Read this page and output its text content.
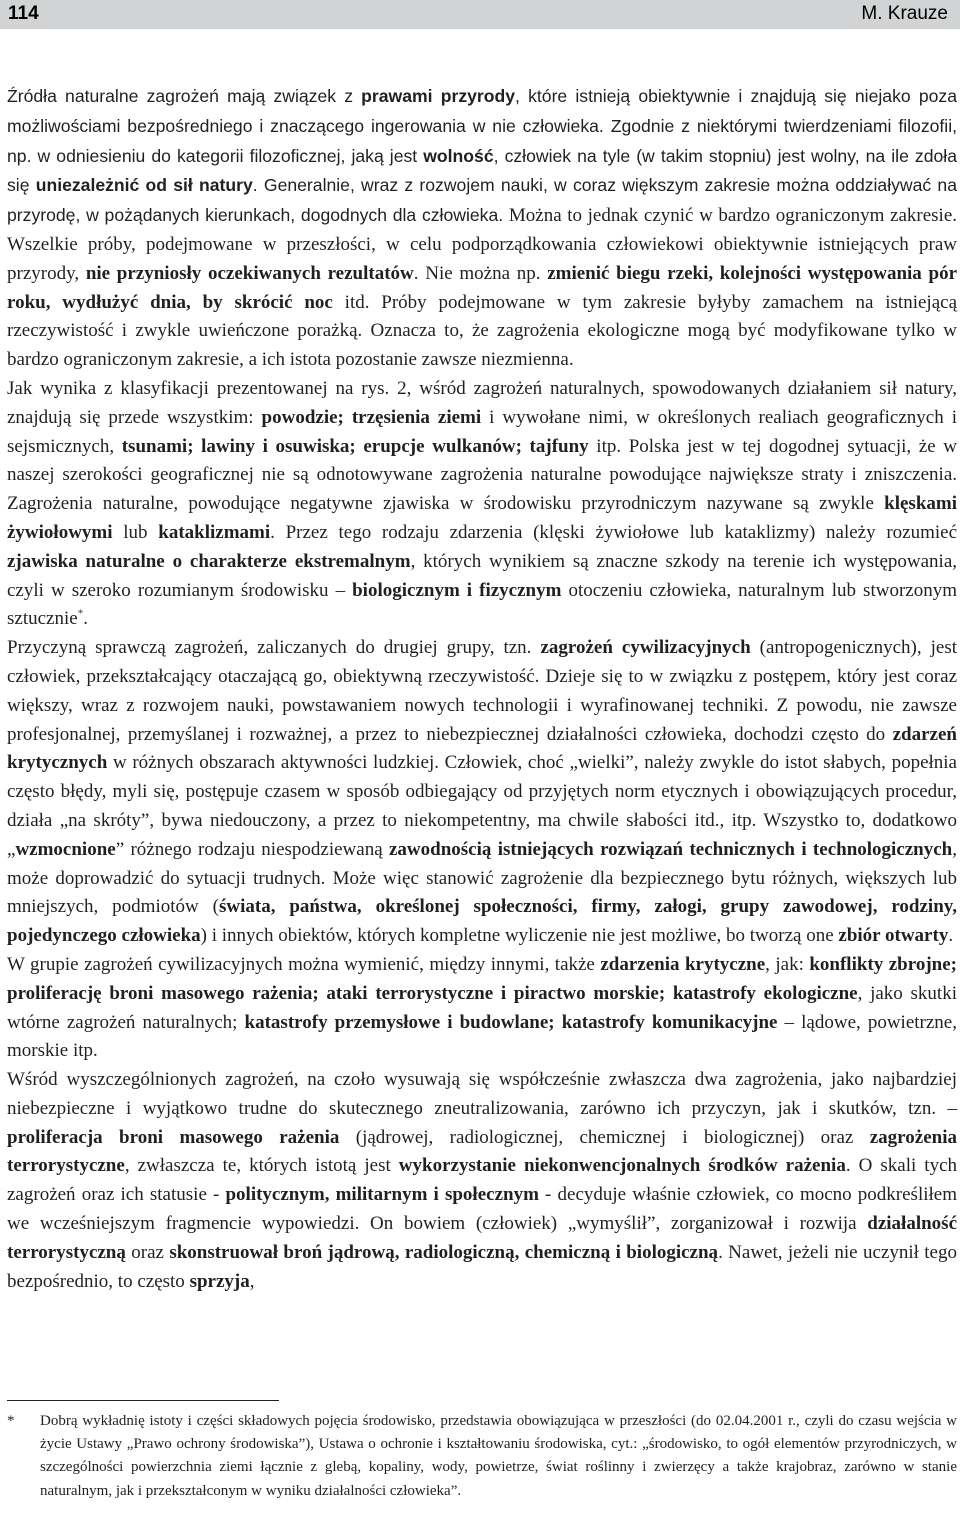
114	M. Krauze

Źródła naturalne zagrożeń mają związek z prawami przyrody, które istnieją obiektywnie i znajdują się niejako poza możliwościami bezpośredniego i znaczącego ingerowania w nie człowieka. Zgodnie z niektórymi twierdzeniami filozofii, np. w odniesieniu do kategorii filozoficznej, jaką jest wolność, człowiek na tyle (w takim stopniu) jest wolny, na ile zdoła się uniezależnić od sił natury. Generalnie, wraz z rozwojem nauki, w coraz większym zakresie można oddziaływać na przyrodę, w pożądanych kierunkach, dogodnych dla człowieka. Można to jednak czynić w bardzo ograniczonym zakresie. Wszelkie próby, podejmowane w przeszłości, w celu podporządkowania człowiekowi obiektywnie istniejących praw przyrody, nie przyniosły oczekiwanych rezultatów. Nie można np. zmienić biegu rzeki, kolejności występowania pór roku, wydłużyć dnia, by skrócić noc itd. Próby podejmowane w tym zakresie byłyby zamachem na istniejącą rzeczywistość i zwykle uwieńczone porażką. Oznacza to, że zagrożenia ekologiczne mogą być modyfikowane tylko w bardzo ograniczonym zakresie, a ich istota pozostanie zawsze niezmienna.

Jak wynika z klasyfikacji prezentowanej na rys. 2, wśród zagrożeń naturalnych, spowodowanych działaniem sił natury, znajdują się przede wszystkim: powodzie; trzęsienia ziemi i wywołane nimi, w określonych realiach geograficznych i sejsmicznych, tsunami; lawiny i osuwiska; erupcje wulkanów; tajfuny itp. Polska jest w tej dogodnej sytuacji, że w naszej szerokości geograficznej nie są odnotowywane zagrożenia naturalne powodujące największe straty i zniszczenia. Zagrożenia naturalne, powodujące negatywne zjawiska w środowisku przyrodniczym nazywane są zwykle klęskami żywiołowymi lub kataklizmami. Przez tego rodzaju zdarzenia (klęski żywiołowe lub kataklizmy) należy rozumieć zjawiska naturalne o charakterze ekstremalnym, których wynikiem są znaczne szkody na terenie ich występowania, czyli w szeroko rozumianym środowisku – biologicznym i fizycznym otoczeniu człowieka, naturalnym lub stworzonym sztucznie*.

Przyczyną sprawczą zagrożeń, zaliczanych do drugiej grupy, tzn. zagrożeń cywilizacyjnych (antropogenicznych), jest człowiek, przekształcający otaczającą go, obiektywną rzeczywistość. Dzieje się to w związku z postępem, który jest coraz większy, wraz z rozwojem nauki, powstawaniem nowych technologii i wyrafinowanej techniki. Z powodu, nie zawsze profesjonalnej, przemyślanej i rozważnej, a przez to niebezpiecznej działalności człowieka, dochodzi często do zdarzeń krytycznych w różnych obszarach aktywności ludzkiej. Człowiek, choć „wielki”, należy zwykle do istot słabych, popełnia często błędy, myli się, postępuje czasem w sposób odbiegający od przyjętych norm etycznych i obowiązujących procedur, działa „na skróty”, bywa niedouczony, a przez to niekompetentny, ma chwile słabości itd., itp. Wszystko to, dodatkowo „wzmocnione” różnego rodzaju niespodziewaną zawodnością istniejących rozwiązań technicznych i technologicznych, może doprowadzić do sytuacji trudnych. Może więc stanowić zagrożenie dla bezpiecznego bytu różnych, większych lub mniejszych, podmiotów (świata, państwa, określonej społeczności, firmy, załogi, grupy zawodowej, rodziny, pojedynczego człowieka) i innych obiektów, których kompletne wyliczenie nie jest możliwe, bo tworzą one zbiór otwarty.

W grupie zagrożeń cywilizacyjnych można wymienić, między innymi, także zdarzenia krytyczne, jak: konflikty zbrojne; proliferację broni masowego rażenia; ataki terrorystyczne i piractwo morskie; katastrofy ekologiczne, jako skutki wtórne zagrożeń naturalnych; katastrofy przemysłowe i budowlane; katastrofy komunikacyjne – lądowe, powietrzne, morskie itp.

Wśród wyszczególnionych zagrożeń, na czoło wysuwają się współcześnie zwłaszcza dwa zagrożenia, jako najbardziej niebezpieczne i wyjątkowo trudne do skutecznego zneutralizowania, zarówno ich przyczyn, jak i skutków, tzn. – proliferacja broni masowego rażenia (jądrowej, radiologicznej, chemicznej i biologicznej) oraz zagrożenia terrorystyczne, zwłaszcza te, których istotą jest wykorzystanie niekonwencjonalnych środków rażenia. O skali tych zagrożeń oraz ich statusie - politycznym, militarnym i społecznym - decyduje właśnie człowiek, co mocno podkreśliłem we wcześniejszym fragmencie wypowiedzi. On bowiem (człowiek) „wymyślił”, zorganizował i rozwija działalność terrorystyczną oraz skonstruował broń jądrową, radiologiczną, chemiczną i biologiczną. Nawet, jeżeli nie uczynił tego bezpośrednio, to często sprzyja,

* Dobrą wykładnię istoty i części składowych pojęcia środowisko, przedstawia obowiązująca w przeszłości (do 02.04.2001 r., czyli do czasu wejścia w życie Ustawy „Prawo ochrony środowiska”), Ustawa o ochronie i kształtowaniu środowiska, cyt.: „środowisko, to ogół elementów przyrodniczych, w szczególności powierzchnia ziemi łącznie z glebą, kopaliny, wody, powietrze, świat roślinny i zwierzęcy a także krajobraz, zarówno w stanie naturalnym, jak i przekształconym w wyniku działalności człowieka”.
